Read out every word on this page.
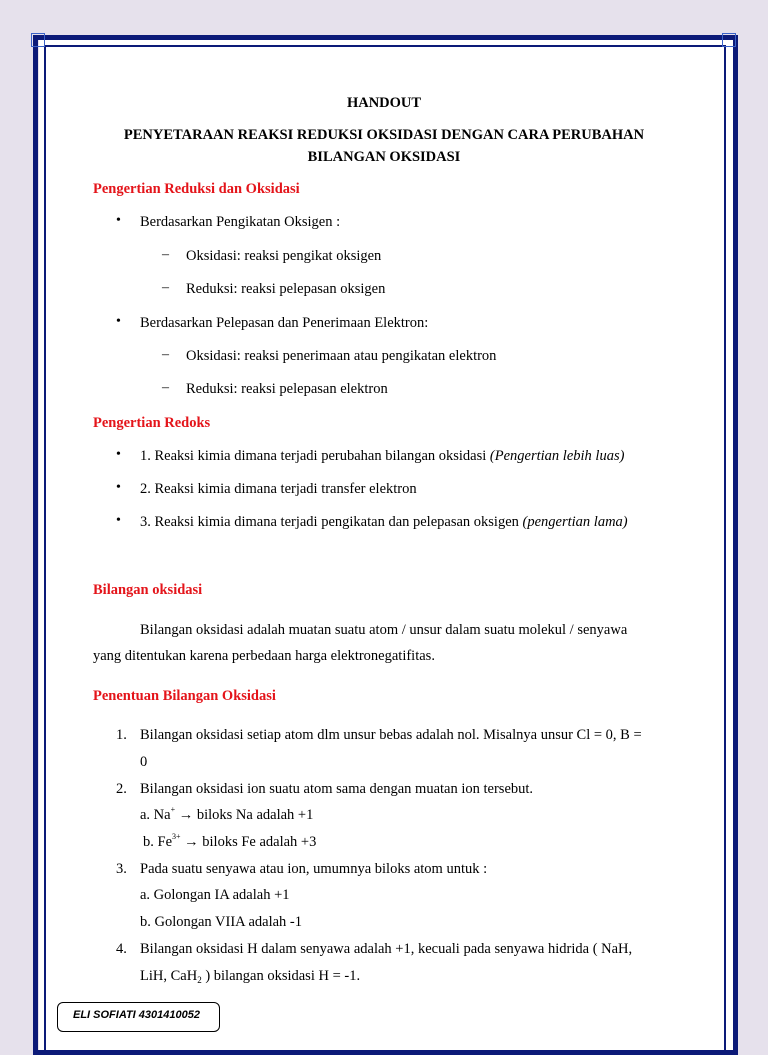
HANDOUT
PENYETARAAN REAKSI REDUKSI OKSIDASI DENGAN CARA PERUBAHAN
BILANGAN OKSIDASI
Pengertian Reduksi dan Oksidasi
• Berdasarkan Pengikatan Oksigen :
– Oksidasi: reaksi pengikat oksigen
– Reduksi: reaksi pelepasan oksigen
• Berdasarkan Pelepasan dan Penerimaan Elektron:
– Oksidasi: reaksi penerimaan atau pengikatan elektron
– Reduksi: reaksi pelepasan elektron
Pengertian Redoks
• 1. Reaksi kimia dimana terjadi perubahan bilangan oksidasi (Pengertian lebih luas)
• 2. Reaksi kimia dimana terjadi transfer elektron
• 3. Reaksi kimia dimana terjadi pengikatan dan pelepasan oksigen (pengertian lama)
Bilangan oksidasi
Bilangan oksidasi adalah muatan suatu atom / unsur dalam suatu molekul / senyawa
yang ditentukan karena perbedaan harga elektronegatifitas.
Penentuan Bilangan Oksidasi
1. Bilangan oksidasi setiap atom dlm unsur bebas adalah nol. Misalnya unsur Cl = 0, B =
0
2. Bilangan oksidasi ion suatu atom sama dengan muatan ion tersebut.
a. Na+ → biloks Na adalah +1
b. $Fe^{3+}$ → biloks Fe adalah +3
3. Pada suatu senyawa atau ion, umumnya biloks atom untuk :
a. Golongan IA adalah +1
b. Golongan VIIA adalah -1
4. Bilangan oksidasi H dalam senyawa adalah +1, kecuali pada senyawa hidrida ( NaH,
LiH, CaH$_2$ ) bilangan oksidasi H = -1.
ELI SOFIATI 4301410052
